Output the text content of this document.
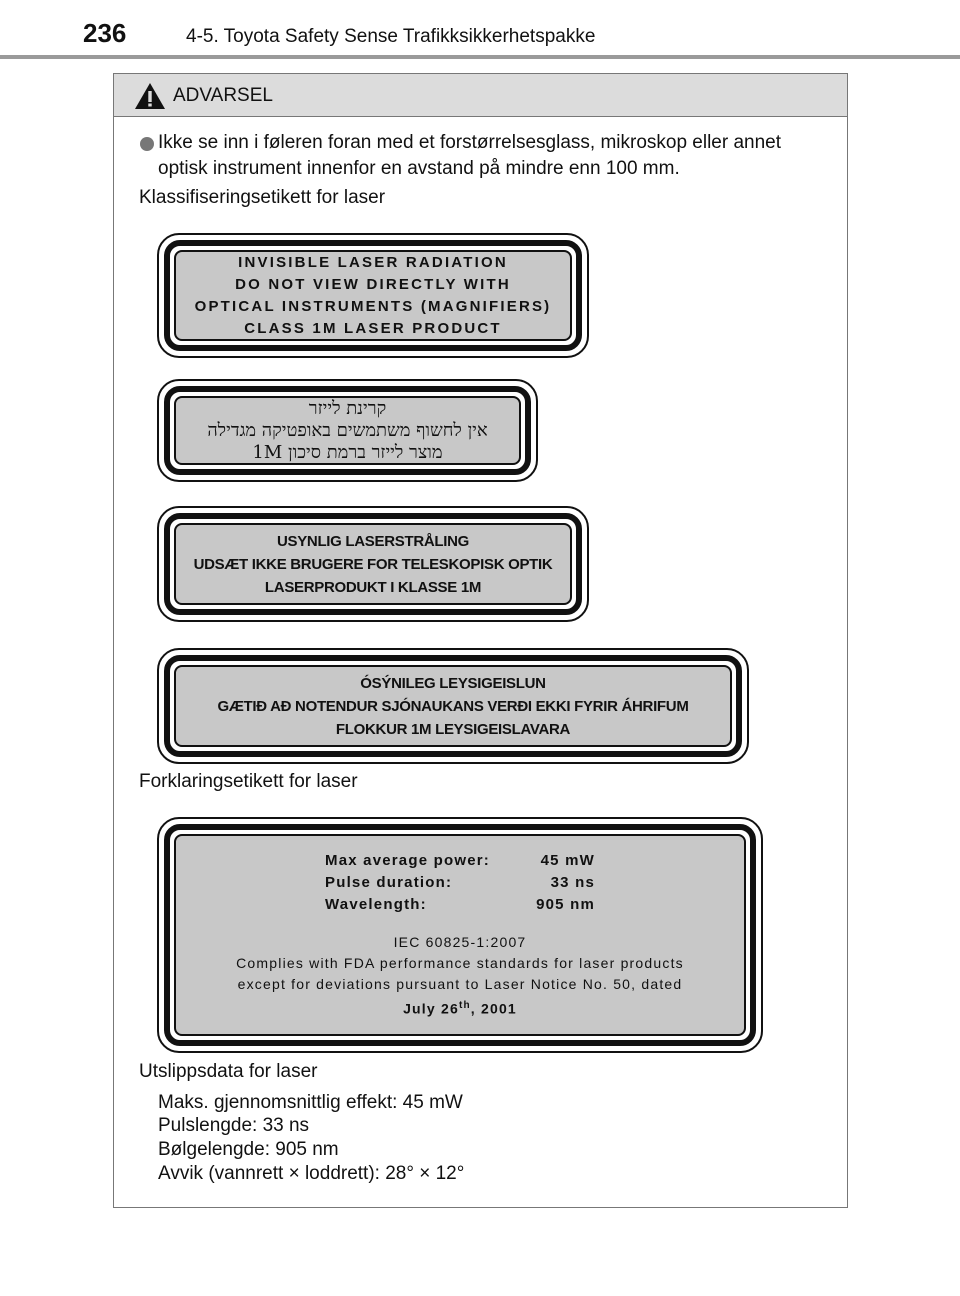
236	4-5. Toyota Safety Sense Trafikksikkerhetspakke
ADVARSEL
Ikke se inn i føleren foran med et forstørrelsesglass, mikroskop eller annet
optisk instrument innenfor en avstand på mindre enn 100 mm.
Klassifiseringsetikett for laser
INVISIBLE LASER RADIATION
DO NOT VIEW DIRECTLY WITH
OPTICAL INSTRUMENTS (MAGNIFIERS)
CLASS 1M LASER PRODUCT
קרינת לייזר
אין לחשוף משתמשים באופטיקה מגדילה
מוצר לייזר ברמת סיכון 1M
USYNLIG LASERSTRÅLING
UDSÆT IKKE BRUGERE FOR TELESKOPISK OPTIK
LASERPRODUKT I KLASSE 1M
ÓSÝNILEG LEYSIGEISLUN
GÆTIÐ AÐ NOTENDUR SJÓNAUKANS VERÐI EKKI FYRIR ÁHRIFUM
FLOKKUR 1M LEYSIGEISLAVARA
Forklaringsetikett for laser
Max average power:	45 mW
Pulse duration:	33 ns
Wavelength:	905 nm
IEC 60825-1:2007
Complies with FDA performance standards for laser products
except for deviations pursuant to Laser Notice No. 50, dated
July 26th, 2001
Utslippsdata for laser
Maks. gjennomsnittlig effekt: 45 mW
Pulslengde: 33 ns
Bølgelengde: 905 nm
Avvik (vannrett × loddrett): 28° × 12°
